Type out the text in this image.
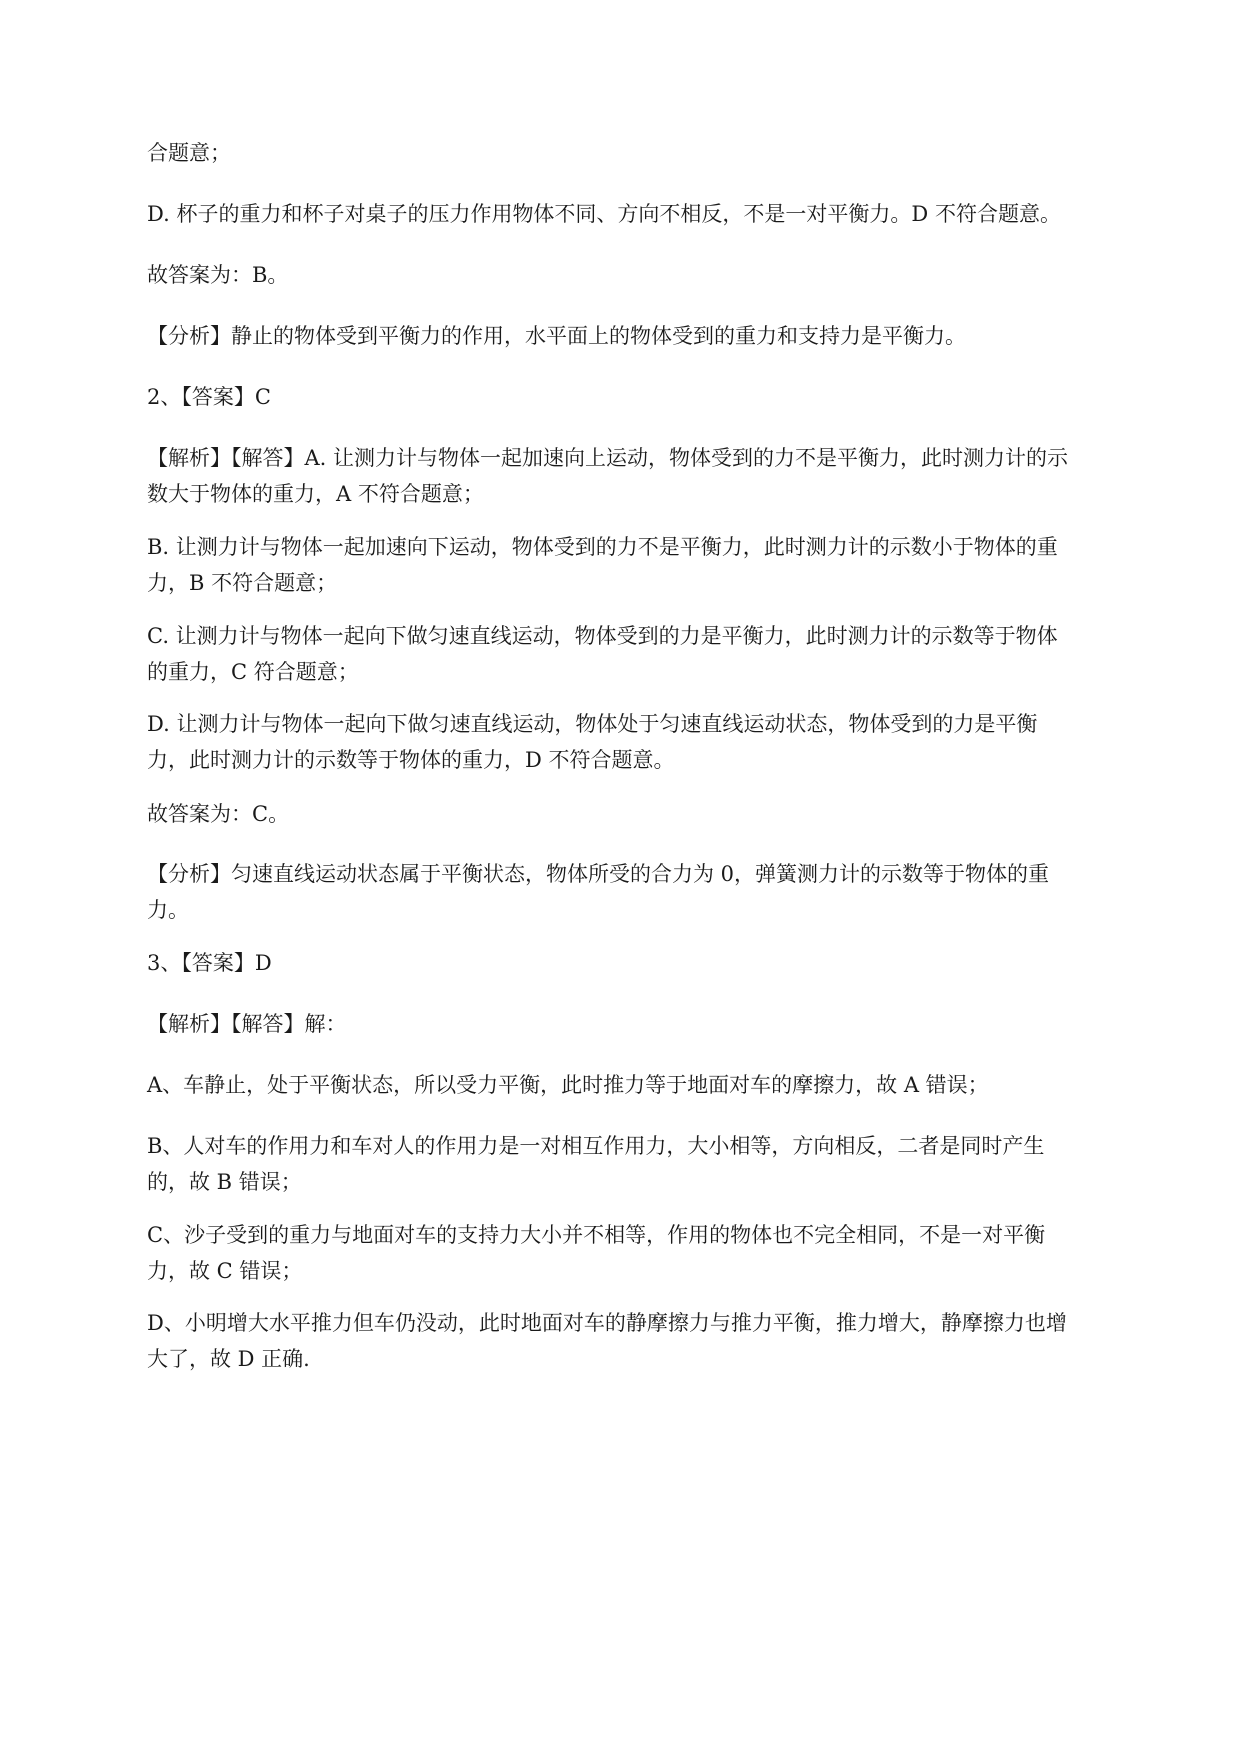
合题意；

D. 杯子的重力和杯子对桌子的压力作用物体不同、方向不相反，不是一对平衡力。D 不符合题意。

故答案为：B。

【分析】静止的物体受到平衡力的作用，水平面上的物体受到的重力和支持力是平衡力。

2、【答案】C

【解析】【解答】A. 让测力计与物体一起加速向上运动，物体受到的力不是平衡力，此时测力计的示
数大于物体的重力，A 不符合题意；

B. 让测力计与物体一起加速向下运动，物体受到的力不是平衡力，此时测力计的示数小于物体的重
力，B 不符合题意；

C. 让测力计与物体一起向下做匀速直线运动，物体受到的力是平衡力，此时测力计的示数等于物体
的重力，C 符合题意；

D. 让测力计与物体一起向下做匀速直线运动，物体处于匀速直线运动状态，物体受到的力是平衡
力，此时测力计的示数等于物体的重力，D 不符合题意。

故答案为：C。

【分析】匀速直线运动状态属于平衡状态，物体所受的合力为 0，弹簧测力计的示数等于物体的重
力。

3、【答案】D

【解析】【解答】解：

A、车静止，处于平衡状态，所以受力平衡，此时推力等于地面对车的摩擦力，故 A 错误；

B、人对车的作用力和车对人的作用力是一对相互作用力，大小相等，方向相反，二者是同时产生
的，故 B 错误；

C、沙子受到的重力与地面对车的支持力大小并不相等，作用的物体也不完全相同，不是一对平衡
力，故 C 错误；

D、小明增大水平推力但车仍没动，此时地面对车的静摩擦力与推力平衡，推力增大，静摩擦力也增
大了，故 D 正确.
